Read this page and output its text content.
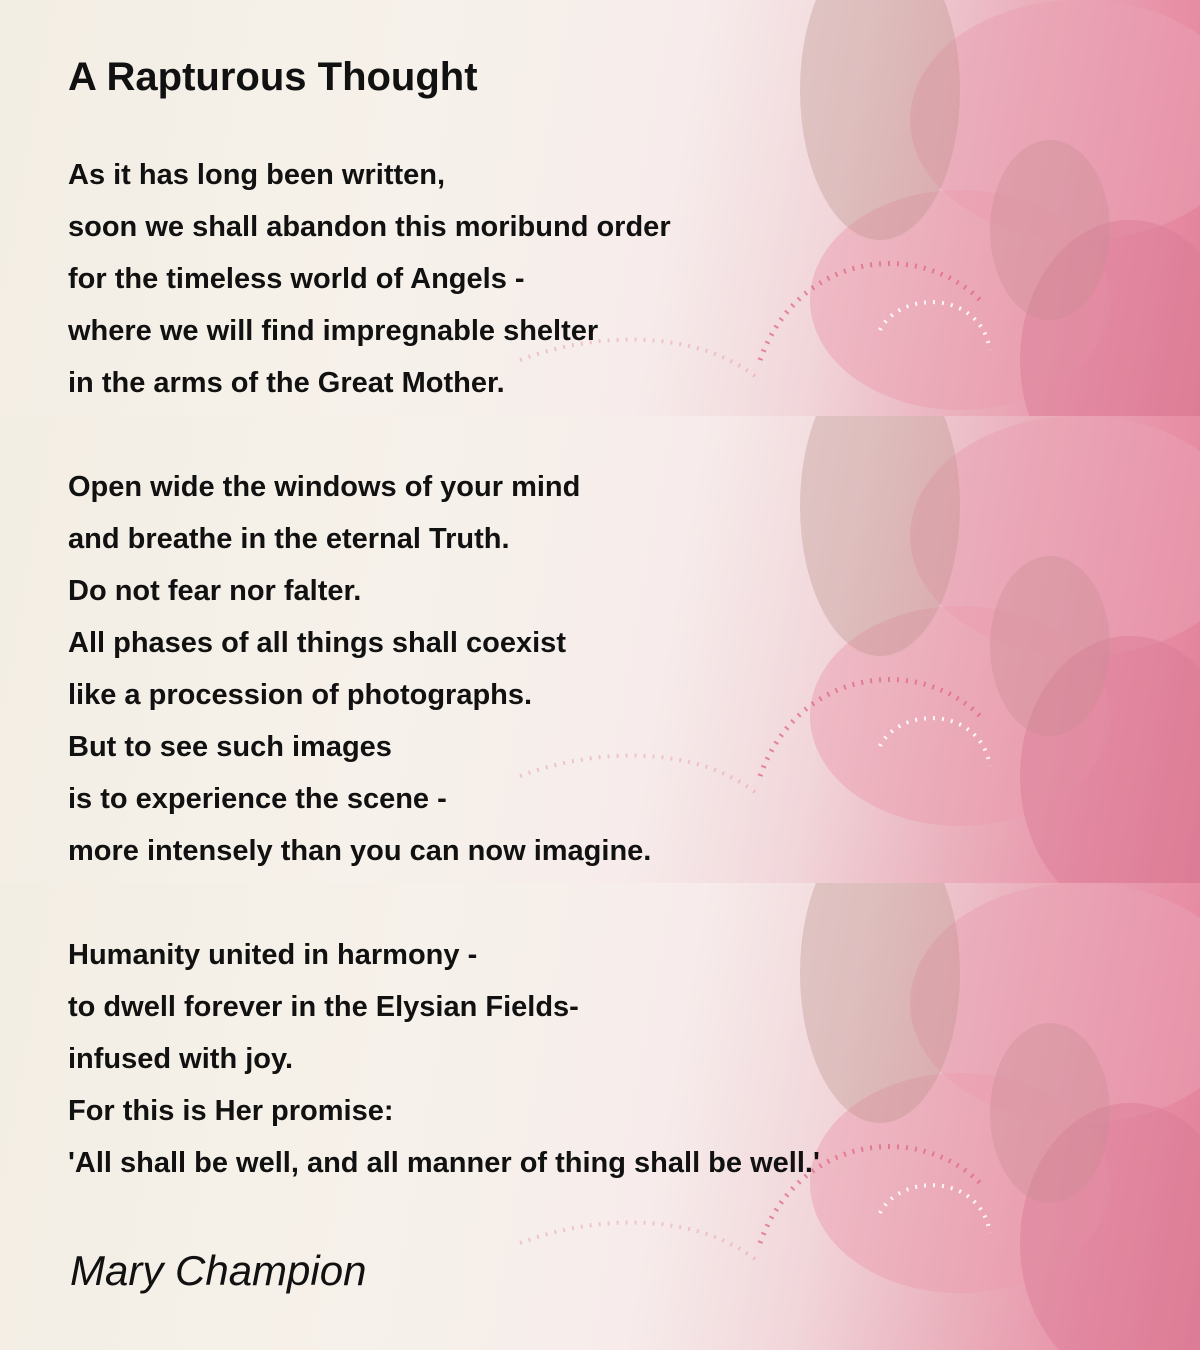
A Rapturous Thought
As it has long been written,
soon we shall abandon this moribund order
for the timeless world of Angels -
where we will find impregnable shelter
in the arms of the Great Mother.
Open wide the windows of your mind
and breathe in the eternal Truth.
Do not fear nor falter.
All phases of all things shall coexist
like a procession of photographs.
But to see such images
is to experience the scene -
more intensely than you can now imagine.
Humanity united in harmony -
to dwell forever in the Elysian Fields-
infused with joy.
For this is Her promise:
'All shall be well, and all manner of thing shall be well.'

Mary Champion
